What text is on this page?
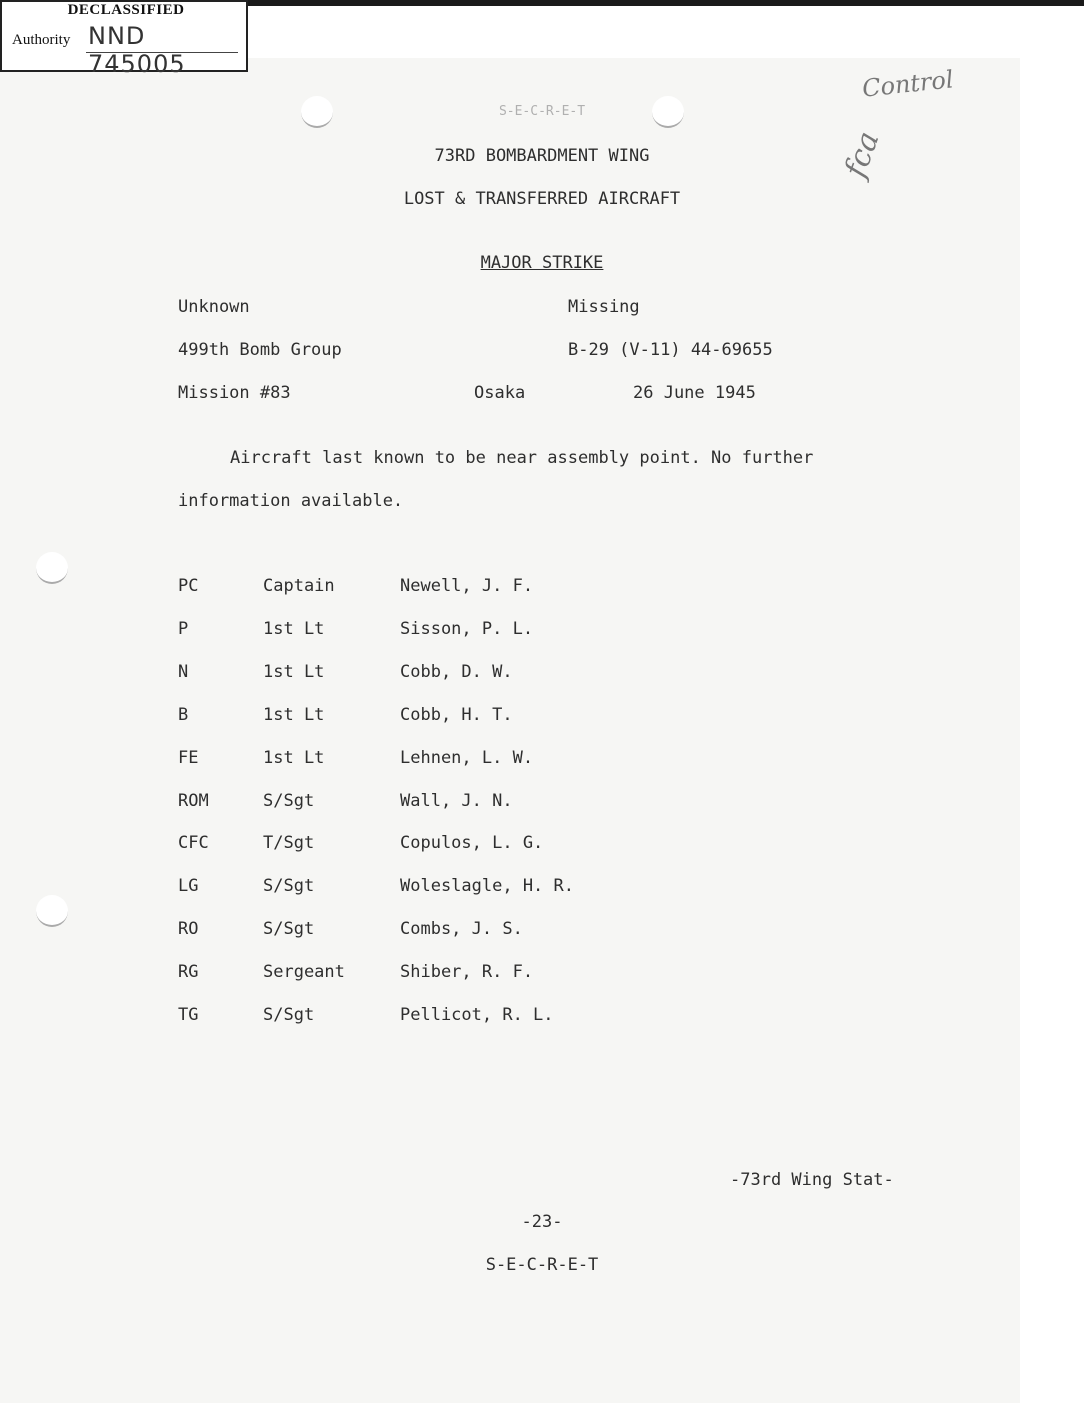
DECLASSIFIED
Authority NND 745005
Control
fca
S-E-C-R-E-T
73RD BOMBARDMENT WING
LOST & TRANSFERRED AIRCRAFT
MAJOR STRIKE
Unknown	Missing
499th Bomb Group	B-29 (V-11) 44-69655
Mission #83	Osaka	26 June 1945
Aircraft last known to be near assembly point. No further
information available.
PC	Captain	Newell, J. F.
P	1st Lt	Sisson, P. L.
N	1st Lt	Cobb, D. W.
B	1st Lt	Cobb, H. T.
FE	1st Lt	Lehnen, L. W.
ROM	S/Sgt	Wall, J. N.
CFC	T/Sgt	Copulos, L. G.
LG	S/Sgt	Woleslagle, H. R.
RO	S/Sgt	Combs, J. S.
RG	Sergeant	Shiber, R. F.
TG	S/Sgt	Pellicot, R. L.
-73rd Wing Stat-
-23-
S-E-C-R-E-T
